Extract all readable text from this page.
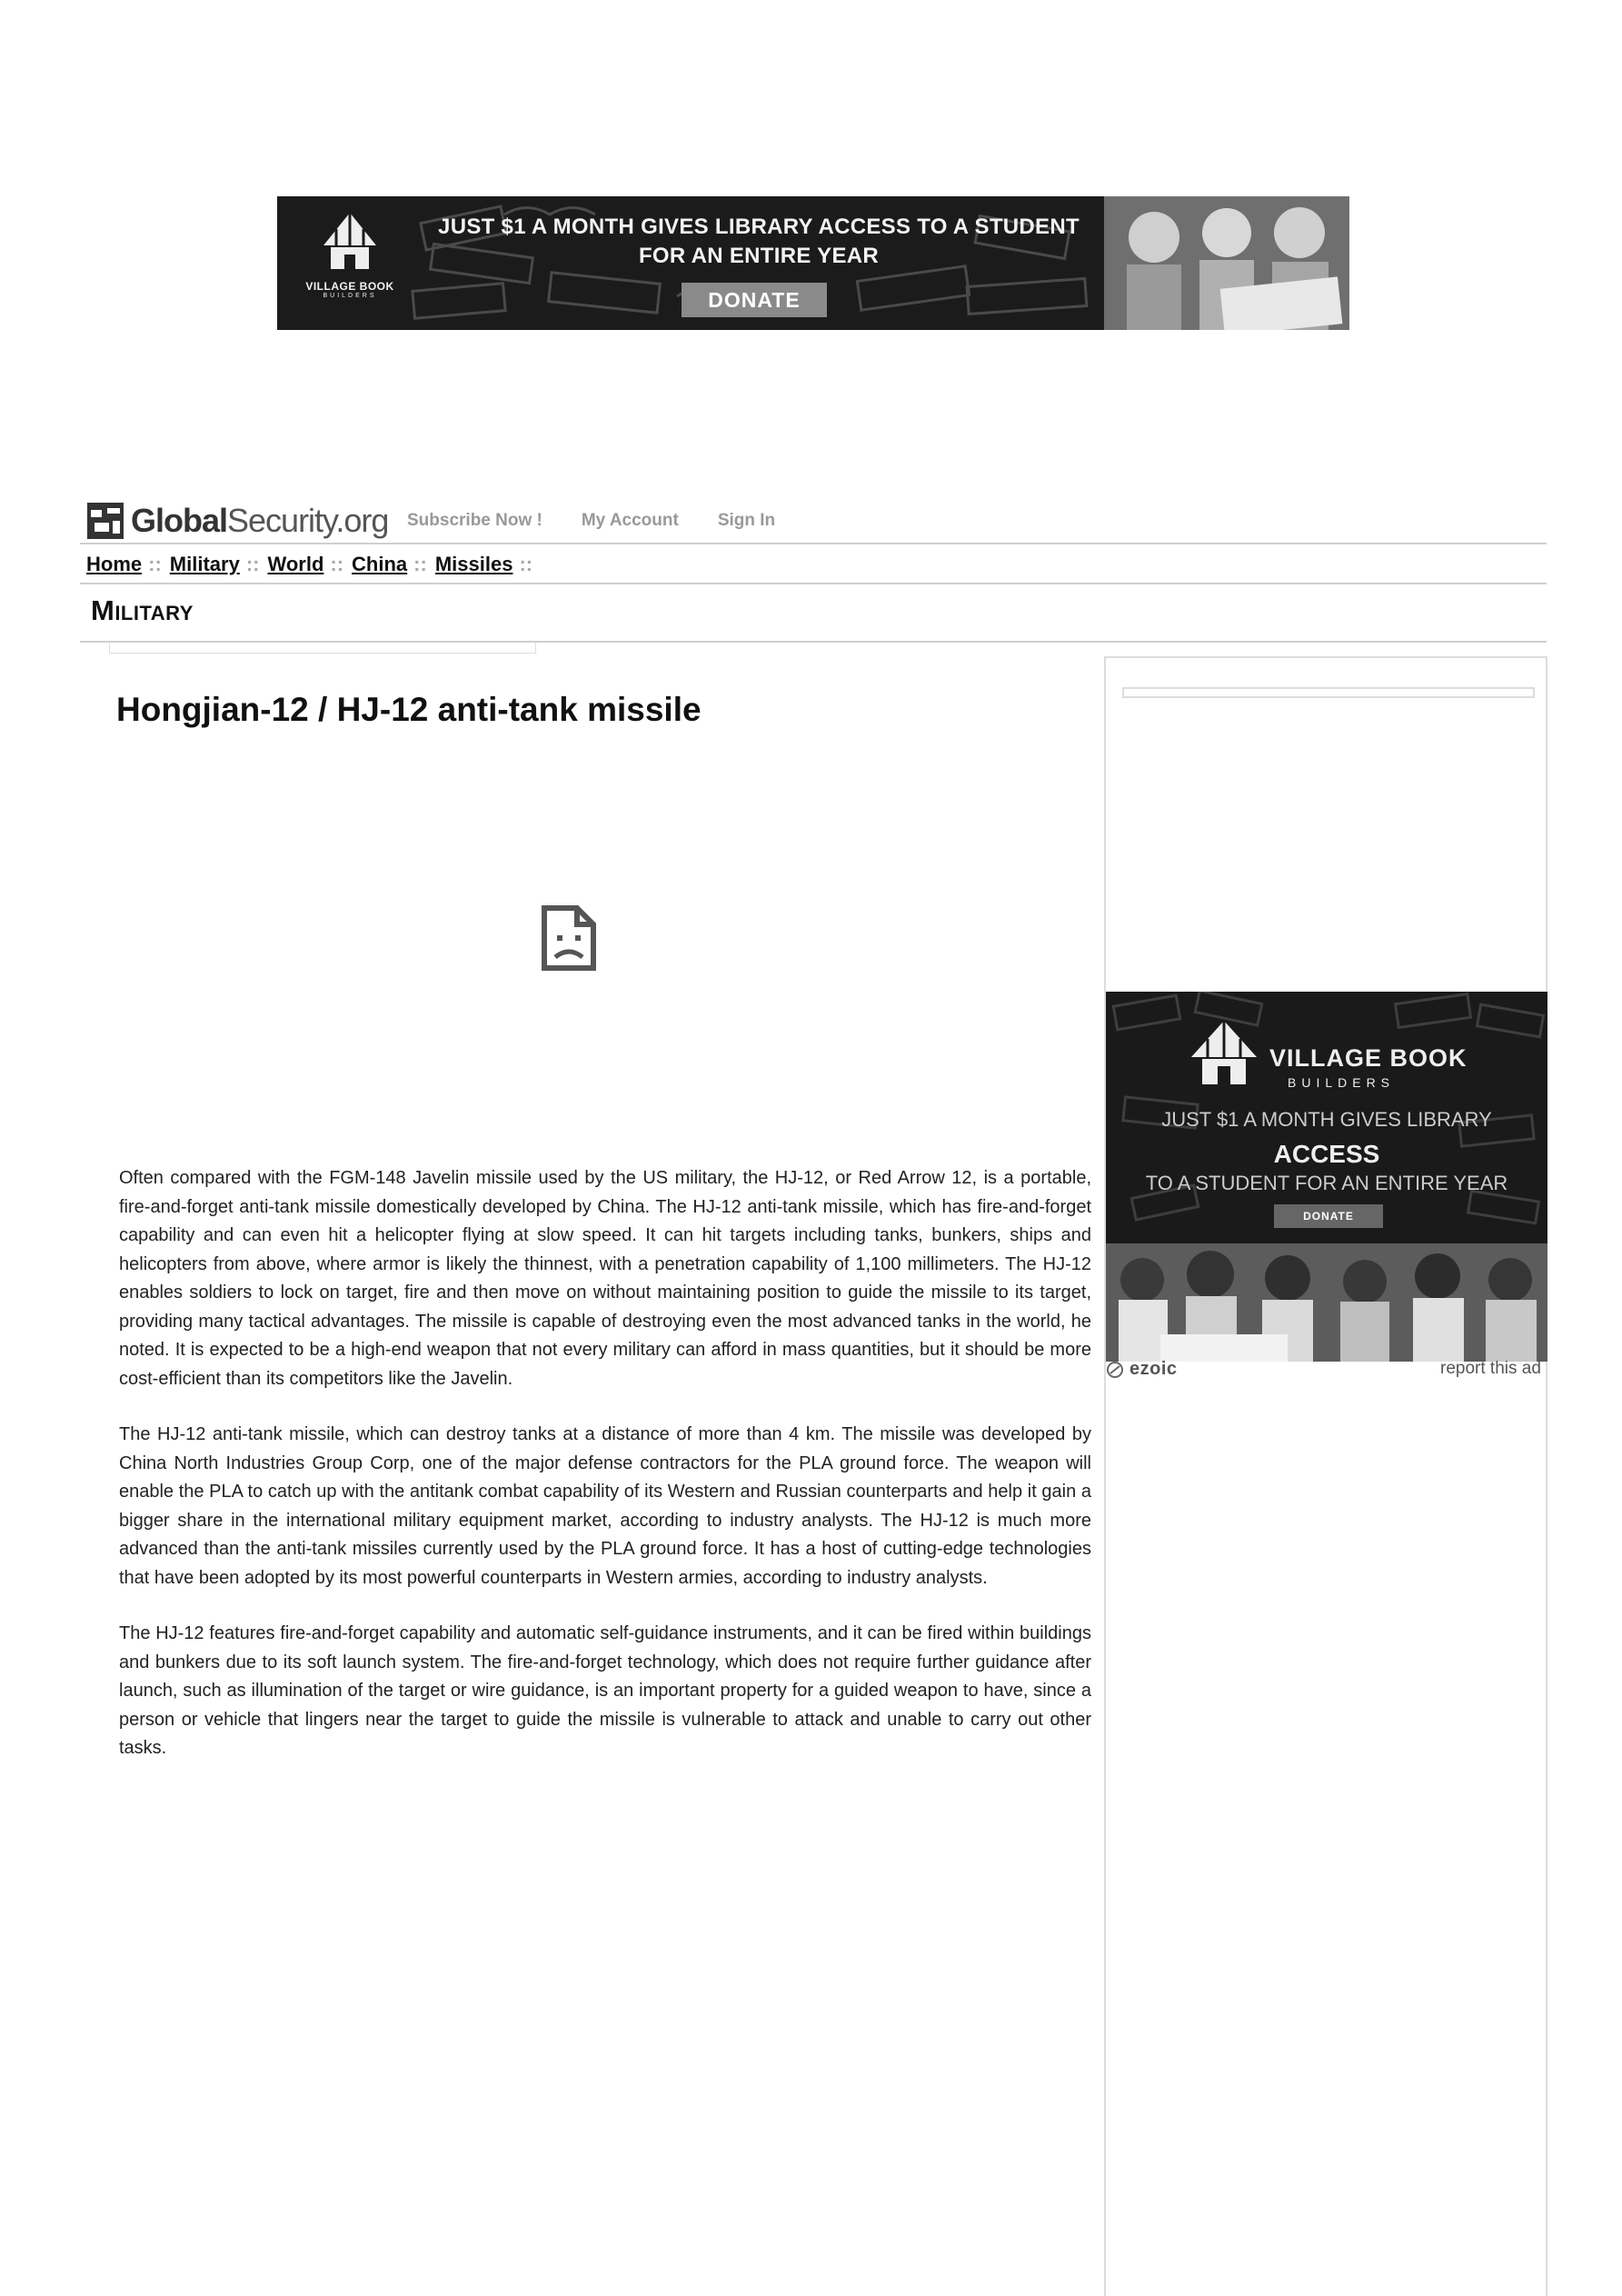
VILLAGE BOOK
BUILDERS
JUST $1 A MONTH GIVES LIBRARY ACCESS TO A STUDENT FOR AN ENTIRE YEAR
DONATE
GlobalSecurity.org Subscribe Now ! My Account Sign In
Home :: Military :: World :: China :: Missiles ::
Military
Hongjian-12 / HJ-12 anti-tank missile

Often compared with the FGM-148 Javelin missile used by the US military, the HJ-12, or Red Arrow 12, is a portable, fire-and-forget anti-tank missile domestically developed by China. The HJ-12 anti-tank missile, which has fire-and-forget capability and can even hit a helicopter flying at slow speed. It can hit targets including tanks, bunkers, ships and helicopters from above, where armor is likely the thinnest, with a penetration capability of 1,100 millimeters. The HJ-12 enables soldiers to lock on target, fire and then move on without maintaining position to guide the missile to its target, providing many tactical advantages. The missile is capable of destroying even the most advanced tanks in the world, he noted. It is expected to be a high-end weapon that not every military can afford in mass quantities, but it should be more cost-efficient than its competitors like the Javelin.

The HJ-12 anti-tank missile, which can destroy tanks at a distance of more than 4 km. The missile was developed by China North Industries Group Corp, one of the major defense contractors for the PLA ground force. The weapon will enable the PLA to catch up with the antitank combat capability of its Western and Russian counterparts and help it gain a bigger share in the international military equipment market, according to industry analysts. The HJ-12 is much more advanced than the anti-tank missiles currently used by the PLA ground force. It has a host of cutting-edge technologies that have been adopted by its most powerful counterparts in Western armies, according to industry analysts.

The HJ-12 features fire-and-forget capability and automatic self-guidance instruments, and it can be fired within buildings and bunkers due to its soft launch system. The fire-and-forget technology, which does not require further guidance after launch, such as illumination of the target or wire guidance, is an important property for a guided weapon to have, since a person or vehicle that lingers near the target to guide the missile is vulnerable to attack and unable to carry out other tasks.

VILLAGE BOOK
BUILDERS
JUST $1 A MONTH GIVES LIBRARY
ACCESS
TO A STUDENT FOR AN ENTIRE YEAR
DONATE
ezoic	report this ad
